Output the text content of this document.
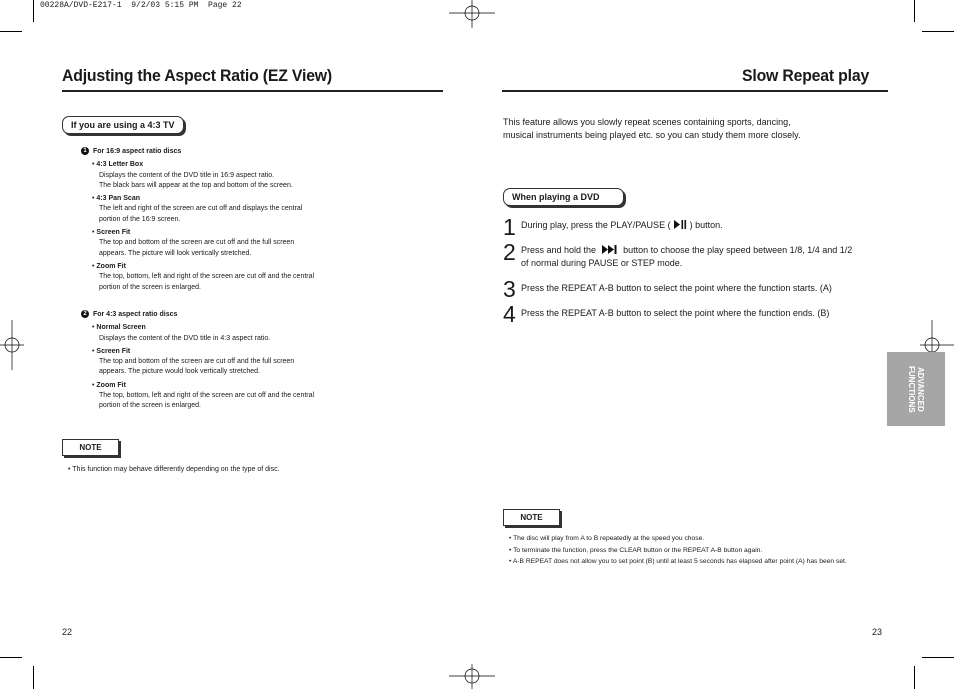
00228A/DVD-E217-1  9/2/03 5:15 PM  Page 22
Adjusting the Aspect Ratio (EZ View)
If you are using a 4:3 TV
1 For 16:9 aspect ratio discs
• 4:3 Letter Box
Displays the content of the DVD title in 16:9 aspect ratio.
The black bars will appear at the top and bottom of the screen.
• 4:3 Pan Scan
The left and right of the screen are cut off and displays the central
portion of the 16:9 screen.
• Screen Fit
The top and bottom of the screen are cut off and the full screen
appears. The picture will look vertically stretched.
• Zoom Fit
The top, bottom, left and right of the screen are cut off and the central
portion of the screen is enlarged.
2 For 4:3 aspect ratio discs
• Normal Screen
Displays the content of the DVD title in 4:3 aspect ratio.
• Screen Fit
The top and bottom of the screen are cut off and the full screen
appears. The picture would look vertically stretched.
• Zoom Fit
The top, bottom, left and right of the screen are cut off and the central
portion of the screen is enlarged.
NOTE
• This function may behave differently depending on the type of disc.
22
Slow Repeat play
This feature allows you slowly repeat scenes containing sports, dancing,
musical instruments being played etc. so you can study them more closely.
When playing a DVD
1 During play, press the PLAY/PAUSE (  ) button.
2 Press and hold the  button to choose the play speed between 1/8, 1/4 and 1/2
of normal during PAUSE or STEP mode.
3 Press the REPEAT A-B button to select the point where the function starts. (A)
4 Press the REPEAT A-B button to select the point where the function ends. (B)
ADVANCED
FUNCTIONS
NOTE
• The disc will play from A to B repeatedly at the speed you chose.
• To terminate the function, press the CLEAR button or the REPEAT A-B button again.
• A-B REPEAT does not allow you to set point (B) until at least 5 seconds has elapsed after point (A) has been set.
23
